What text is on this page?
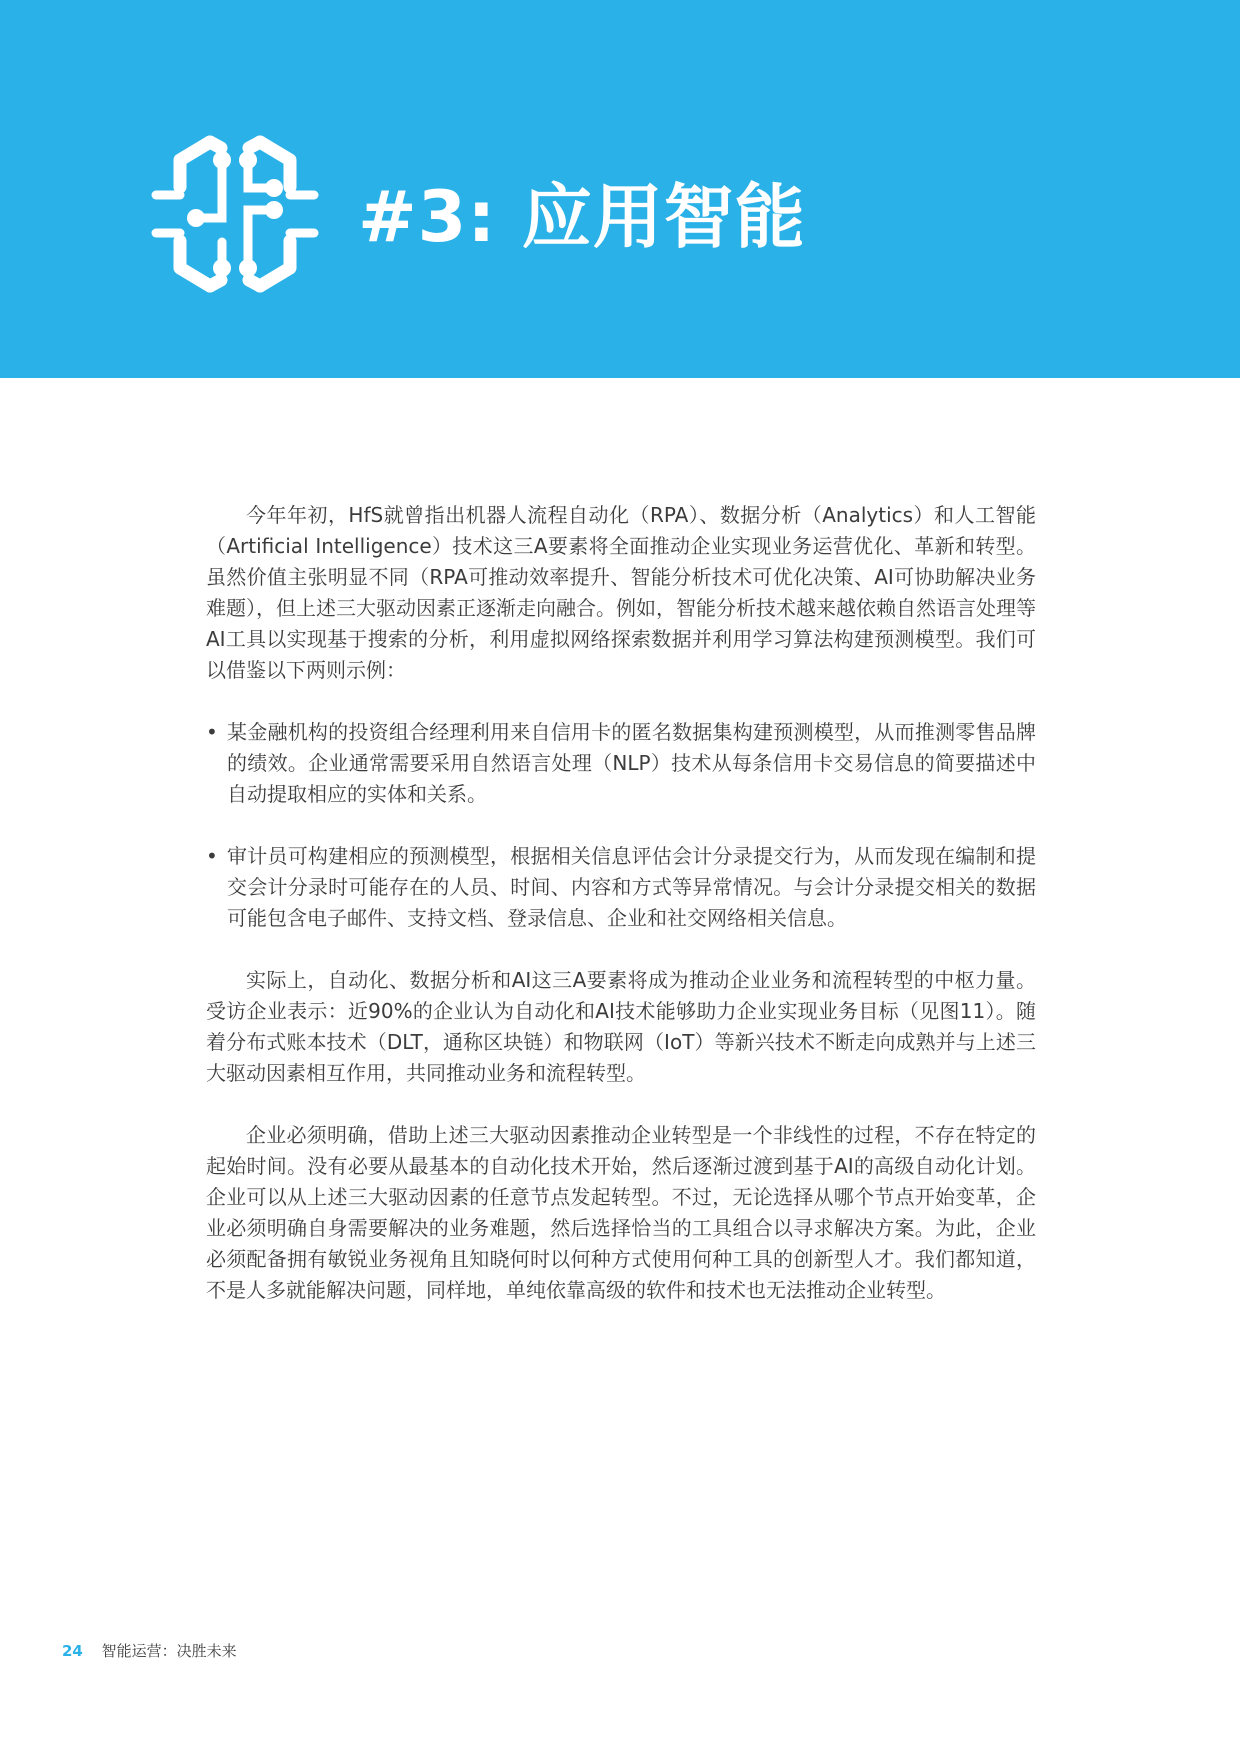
#3: 应用智能

今年年初，HfS就曾指出机器人流程自动化（RPA）、数据分析（Analytics）和人工智能（Artificial Intelligence）技术这三A要素将全面推动企业实现业务运营优化、革新和转型。虽然价值主张明显不同（RPA可推动效率提升、智能分析技术可优化决策、AI可协助解决业务难题），但上述三大驱动因素正逐渐走向融合。例如，智能分析技术越来越依赖自然语言处理等AI工具以实现基于搜索的分析，利用虚拟网络探索数据并利用学习算法构建预测模型。我们可以借鉴以下两则示例：

• 某金融机构的投资组合经理利用来自信用卡的匿名数据集构建预测模型，从而推测零售品牌的绩效。企业通常需要采用自然语言处理（NLP）技术从每条信用卡交易信息的简要描述中自动提取相应的实体和关系。
• 审计员可构建相应的预测模型，根据相关信息评估会计分录提交行为，从而发现在编制和提交会计分录时可能存在的人员、时间、内容和方式等异常情况。与会计分录提交相关的数据可能包含电子邮件、支持文档、登录信息、企业和社交网络相关信息。

实际上，自动化、数据分析和AI这三A要素将成为推动企业业务和流程转型的中枢力量。受访企业表示：近90%的企业认为自动化和AI技术能够助力企业实现业务目标（见图11）。随着分布式账本技术（DLT，通称区块链）和物联网（IoT）等新兴技术不断走向成熟并与上述三大驱动因素相互作用，共同推动业务和流程转型。

企业必须明确，借助上述三大驱动因素推动企业转型是一个非线性的过程，不存在特定的起始时间。没有必要从最基本的自动化技术开始，然后逐渐过渡到基于AI的高级自动化计划。企业可以从上述三大驱动因素的任意节点发起转型。不过，无论选择从哪个节点开始变革，企业必须明确自身需要解决的业务难题，然后选择恰当的工具组合以寻求解决方案。为此，企业必须配备拥有敏锐业务视角且知晓何时以何种方式使用何种工具的创新型人才。我们都知道，不是人多就能解决问题，同样地，单纯依靠高级的软件和技术也无法推动企业转型。

24 智能运营：决胜未来
